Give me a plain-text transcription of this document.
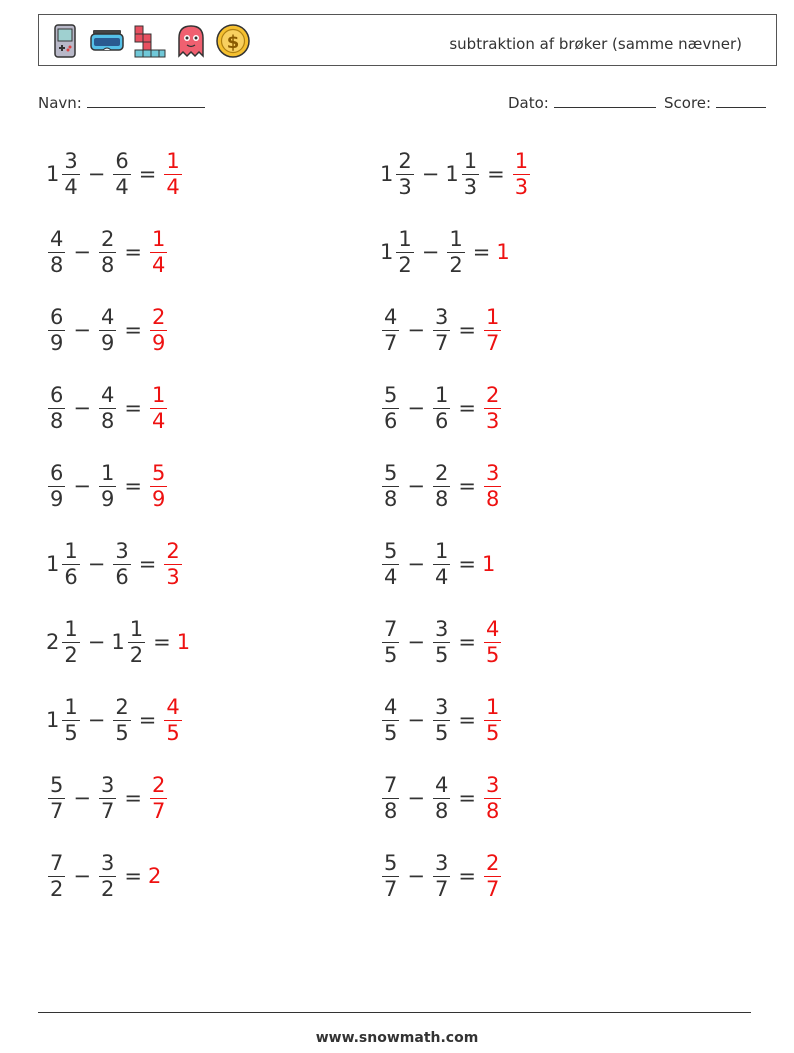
$	subtraktion af brøker (samme nævner)
Navn:	Dato:	Score:
$1 \frac{3}{4} - \frac{6}{4} = \frac{1}{4}$	$1 \frac{2}{3} - 1 \frac{1}{3} = \frac{1}{3}$
$\frac{4}{8} - \frac{2}{8} = \frac{1}{4}$	$1 \frac{1}{2} - \frac{1}{2} = 1$
$\frac{6}{9} - \frac{4}{9} = \frac{2}{9}$	$\frac{4}{7} - \frac{3}{7} = \frac{1}{7}$
$\frac{6}{8} - \frac{4}{8} = \frac{1}{4}$	$\frac{5}{6} - \frac{1}{6} = \frac{2}{3}$
$\frac{6}{9} - \frac{1}{9} = \frac{5}{9}$	$\frac{5}{8} - \frac{2}{8} = \frac{3}{8}$
$1 \frac{1}{6} - \frac{3}{6} = \frac{2}{3}$	$\frac{5}{4} - \frac{1}{4} = 1$
$2 \frac{1}{2} - 1 \frac{1}{2} = 1$	$\frac{7}{5} - \frac{3}{5} = \frac{4}{5}$
$1 \frac{1}{5} - \frac{2}{5} = \frac{4}{5}$	$\frac{4}{5} - \frac{3}{5} = \frac{1}{5}$
$\frac{5}{7} - \frac{3}{7} = \frac{2}{7}$	$\frac{7}{8} - \frac{4}{8} = \frac{3}{8}$
$\frac{7}{2} - \frac{3}{2} = 2$	$\frac{5}{7} - \frac{3}{7} = \frac{2}{7}$
www.snowmath.com
